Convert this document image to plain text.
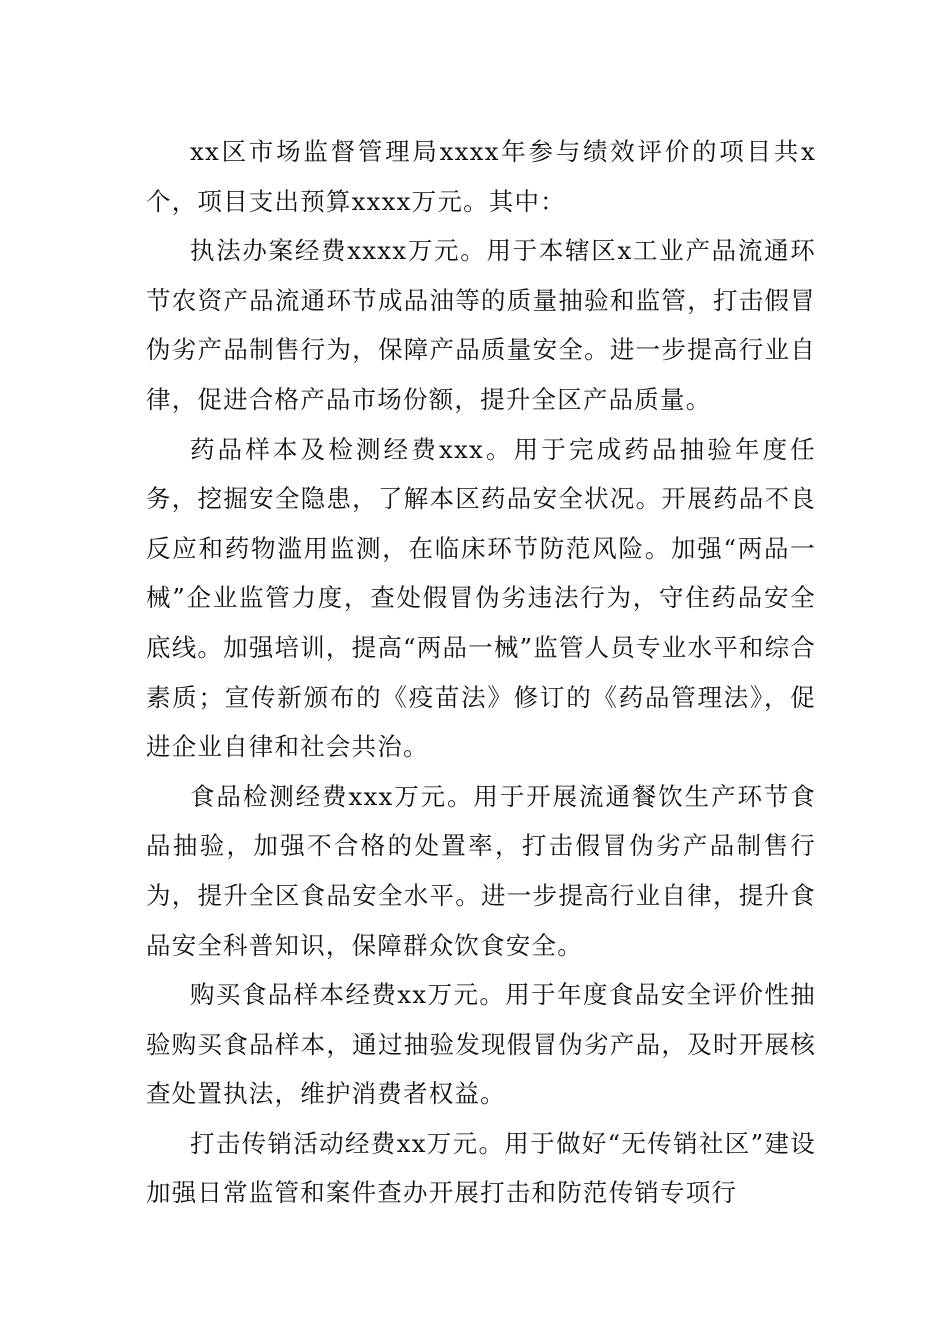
xx区市场监督管理局xxxx年参与绩效评价的项目共x个，项目支出预算xxxx万元。其中：

执法办案经费xxxx万元。用于本辖区x工业产品流通环节农资产品流通环节成品油等的质量抽验和监管，打击假冒伪劣产品制售行为，保障产品质量安全。进一步提高行业自律，促进合格产品市场份额，提升全区产品质量。

药品样本及检测经费xxx。用于完成药品抽验年度任务，挖掘安全隐患，了解本区药品安全状况。开展药品不良反应和药物滥用监测，在临床环节防范风险。加强“两品一械”企业监管力度，查处假冒伪劣违法行为，守住药品安全底线。加强培训，提高“两品一械”监管人员专业水平和综合素质；宣传新颁布的《疫苗法》修订的《药品管理法》，促进企业自律和社会共治。

食品检测经费xxx万元。用于开展流通餐饮生产环节食品抽验，加强不合格的处置率，打击假冒伪劣产品制售行为，提升全区食品安全水平。进一步提高行业自律，提升食品安全科普知识，保障群众饮食安全。

购买食品样本经费xx万元。用于年度食品安全评价性抽验购买食品样本，通过抽验发现假冒伪劣产品，及时开展核查处置执法，维护消费者权益。

打击传销活动经费xx万元。用于做好“无传销社区”建设加强日常监管和案件查办开展打击和防范传销专项行
